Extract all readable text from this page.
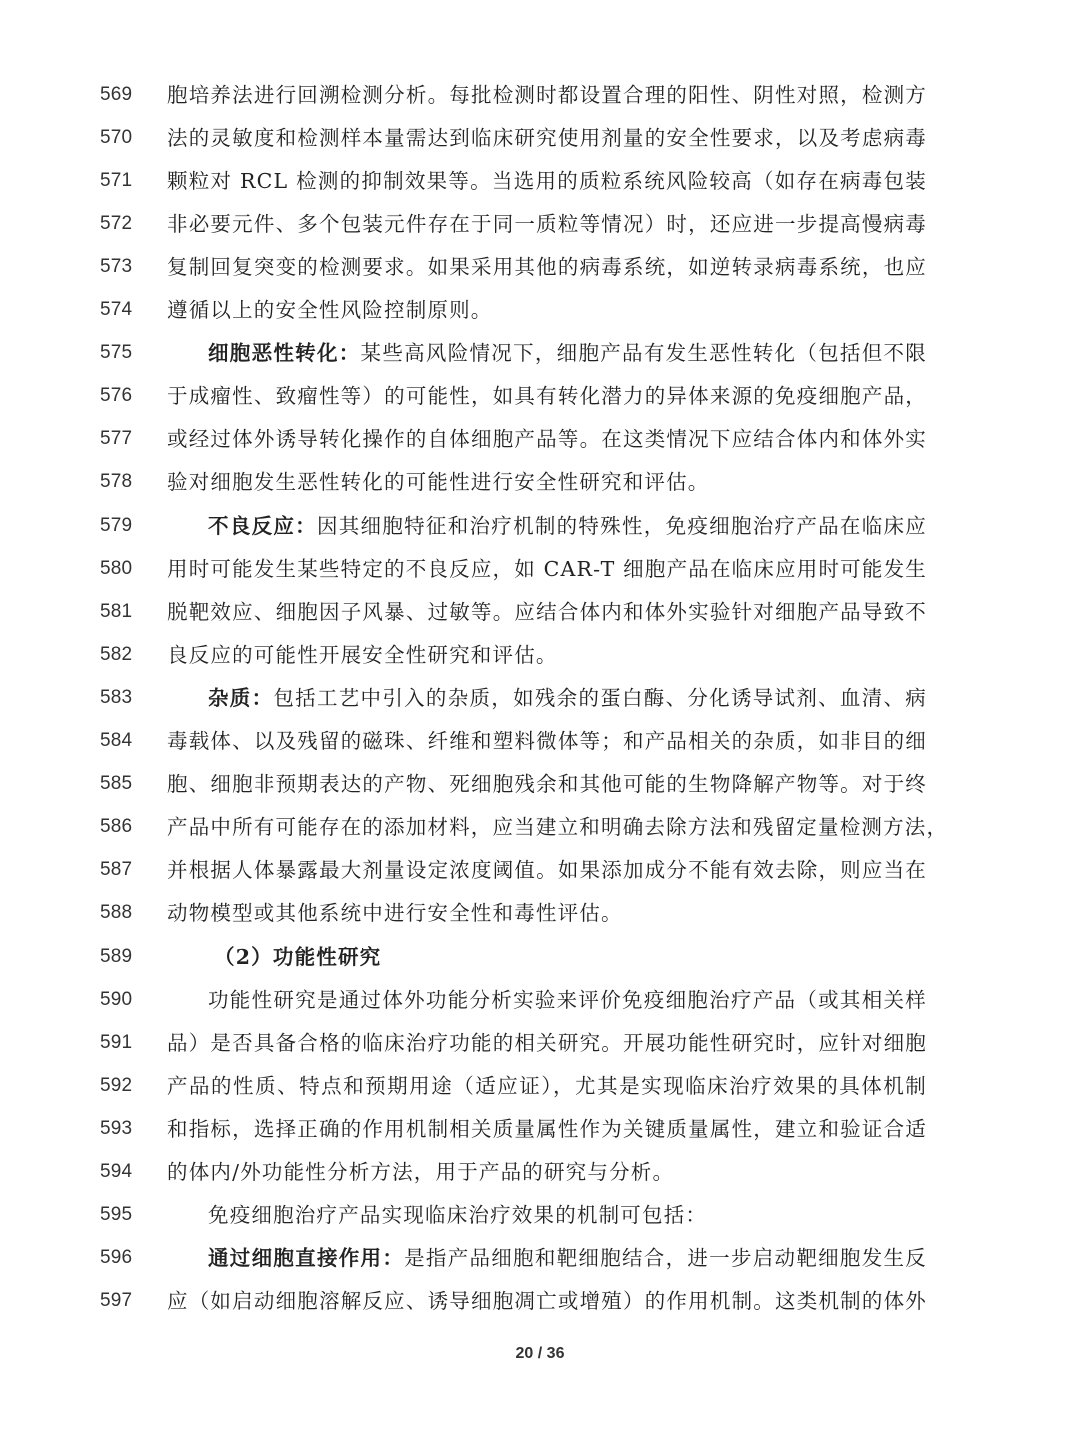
569	胞培养法进行回溯检测分析。每批检测时都设置合理的阳性、阴性对照，检测方
570	法的灵敏度和检测样本量需达到临床研究使用剂量的安全性要求，以及考虑病毒
571	颗粒对 RCL 检测的抑制效果等。当选用的质粒系统风险较高（如存在病毒包装
572	非必要元件、多个包装元件存在于同一质粒等情况）时，还应进一步提高慢病毒
573	复制回复突变的检测要求。如果采用其他的病毒系统，如逆转录病毒系统，也应
574	遵循以上的安全性风险控制原则。
575	细胞恶性转化：某些高风险情况下，细胞产品有发生恶性转化（包括但不限
576	于成瘤性、致瘤性等）的可能性，如具有转化潜力的异体来源的免疫细胞产品，
577	或经过体外诱导转化操作的自体细胞产品等。在这类情况下应结合体内和体外实
578	验对细胞发生恶性转化的可能性进行安全性研究和评估。
579	不良反应：因其细胞特征和治疗机制的特殊性，免疫细胞治疗产品在临床应
580	用时可能发生某些特定的不良反应，如 CAR-T 细胞产品在临床应用时可能发生
581	脱靶效应、细胞因子风暴、过敏等。应结合体内和体外实验针对细胞产品导致不
582	良反应的可能性开展安全性研究和评估。
583	杂质：包括工艺中引入的杂质，如残余的蛋白酶、分化诱导试剂、血清、病
584	毒载体、以及残留的磁珠、纤维和塑料微体等；和产品相关的杂质，如非目的细
585	胞、细胞非预期表达的产物、死细胞残余和其他可能的生物降解产物等。对于终
586	产品中所有可能存在的添加材料，应当建立和明确去除方法和残留定量检测方法，
587	并根据人体暴露最大剂量设定浓度阈值。如果添加成分不能有效去除，则应当在
588	动物模型或其他系统中进行安全性和毒性评估。
589	（2）功能性研究
590	功能性研究是通过体外功能分析实验来评价免疫细胞治疗产品（或其相关样
591	品）是否具备合格的临床治疗功能的相关研究。开展功能性研究时，应针对细胞
592	产品的性质、特点和预期用途（适应证），尤其是实现临床治疗效果的具体机制
593	和指标，选择正确的作用机制相关质量属性作为关键质量属性，建立和验证合适
594	的体内/外功能性分析方法，用于产品的研究与分析。
595	免疫细胞治疗产品实现临床治疗效果的机制可包括：
596	通过细胞直接作用：是指产品细胞和靶细胞结合，进一步启动靶细胞发生反
597	应（如启动细胞溶解反应、诱导细胞凋亡或增殖）的作用机制。这类机制的体外
20 / 36
